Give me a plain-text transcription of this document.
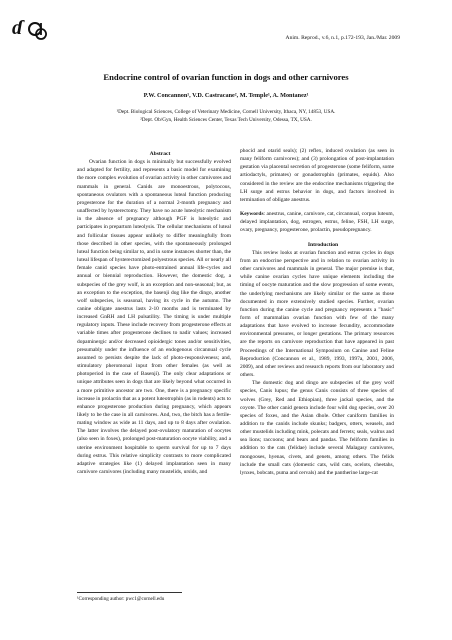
ɗ	Anim. Reprod., v.6, n.1, p.172-193, Jan./Mar. 2009
Endocrine control of ovarian function in dogs and other carnivores
P.W. Concannon¹, V.D. Castracane², M. Temple¹, A. Montanez¹
¹Dept. Biological Sciences, College of Veterinary Medicine, Cornell University, Ithaca, NY, 14853, USA.
²Dept. Ob/Gyn, Health Sciences Center, Texas Tech University, Odessa, TX, USA.

Abstract

Ovarian function in dogs is minimally but successfully evolved and adapted for fertility, and represents a basic model for examining the more complex evolution of ovarian activity in other carnivores and mammals in general. Canids are monoestrous, polytocous, spontaneous ovulators with a spontaneous luteal function producing progesterone for the duration of a normal 2-month pregnancy and unaffected by hysterectomy. They have no acute luteolytic mechanism in the absence of pregnancy although PGF is luteolytic and participates in prepartum luteolysis. The cellular mechanisms of luteal and follicular tissues appear unlikely to differ meaningfully from those described in other species, with the spontaneously prolonged luteal function being similar to, and in some instances shorter than, the luteal lifespan of hysterectomized polyestrous species. All or nearly all female canid species have photo-entrained annual life-cycles and annual or biennial reproduction. However, the domestic dog, a subspecies of the grey wolf, is an exception and non-seasonal; but, as an exception to the exception, the basenji dog like the dingo, another wolf subspecies, is seasonal, having its cycle in the autumn. The canine obligate anestrus lasts 2-10 months and is terminated by increased GnRH and LH pulsatility. The timing is under multiple regulatory inputs. These include recovery from progesterone effects at variable times after progesterone declines to nadir values; increased dopaminergic and/or decreased opioidergic tones and/or sensitivities, presumably under the influence of an endogenous circannual cycle assumed to persists despite the lack of photo-responsiveness; and, stimulatory pheromonal input from other females (as well as photoperiod in the case of Basenji). The only clear adaptations or unique attributes seen in dogs that are likely beyond what occurred in a more primitive ancestor are two. One, there is a pregnancy specific increase in prolactin that as a potent luteotrophin (as in rodents) acts to enhance progesterone production during pregnancy, which appears likely to be the case in all carnivores. And, two, the bitch has a fertile-mating window as wide as 11 days, and up to 8 days after ovulation. The latter involves the delayed post-ovulatory maturation of oocytes (also seen in foxes), prolonged post-maturation oocyte viability, and a uterine environment hospitable to sperm survival for up to 7 days during estrus. This relative simplicity contrasts to more complicated adaptive strategies like (1) delayed implantation seen in many carnivore carnivores (including many mustelids, ursids, and

phocid and otarid seals); (2) reflex, induced ovulation (as seen in many feliform carnivores); and (3) prolongation of post-implantation gestation via placental secretion of progesterone (some feliform, some artiodactyls, primates) or gonadotrophin (primates, equids). Also considered in the review are the endocrine mechanisms triggering the LH surge and estrus behavior in dogs, and factors involved in termination of obligate anestrus.

Keywords: anestrus, canine, carnivore, cat, circannual, corpus luteum, delayed implantation, dog, estrogen, estrus, feline, FSH, LH surge, ovary, pregnancy, progesterone, prolactin, pseudopregnancy.

Introduction

This review looks at ovarian function and estrus cycles in dogs from an endocrine perspective and in relation to ovarian activity in other carnivores and mammals in general. The major premise is that, while canine ovarian cycles have unique elements including the timing of oocyte maturation and the slow progression of some events, the underlying mechanisms are likely similar or the same as those documented in more extensively studied species. Further, ovarian function during the canine cycle and pregnancy represents a "basic" form of mammalian ovarian function with few of the many adaptations that have evolved to increase fecundity, accommodate environmental pressures, or longer gestations. The primary resources are the reports on carnivore reproduction that have appeared in past Proceedings of the International Symposium on Canine and Feline Reproduction (Concannon et al., 1989, 1993, 1997a, 2001, 2006, 2009), and other reviews and research reports from our laboratory and others.

The domestic dog and dingo are subspecies of the grey wolf species, Canis lupus; the genus Canis consists of three species of wolves (Grey, Red and Ethiopian), three jackal species, and the coyote. The other canid genera include four wild dog species, over 20 species of foxes, and the Asian dhole. Other caniform families in addition to the canids include skunks; badgers, otters, weasels, and other mustelids including mink, polecats and ferrets; seals, walrus and sea lions; raccoons; and bears and pandas. The feliform families in addition to the cats (felidae) include several Malagasy carnivores, mongooses, hyenas, civets, and genets, among others. The felids include the small cats (domestic cats, wild cats, ocelots, cheetahs, lynxes, bobcats, puma and cervals) and the pantherine large-cat

¹Corresponding author: pwc1@cornell.edu
